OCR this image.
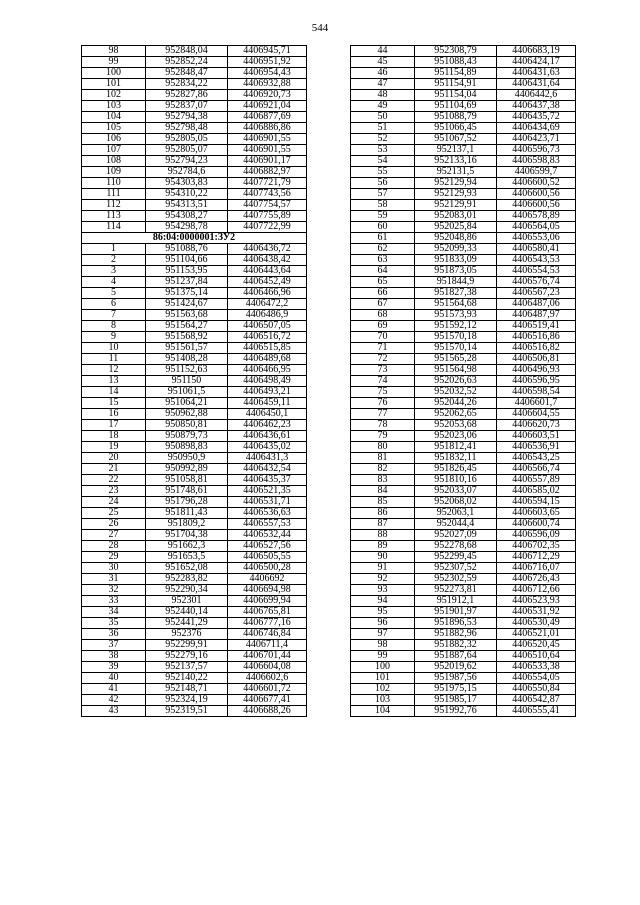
544
98	952848,04	4406945,71
99	952852,24	4406951,92
100	952848,47	4406954,43
101	952834,22	4406932,88
102	952827,86	4406920,73
103	952837,07	4406921,04
104	952794,38	4406877,69
105	952798,48	4406886,86
106	952805,05	4406901,55
107	952805,07	4406901,55
108	952794,23	4406901,17
109	952784,6	4406882,97
110	954303,83	4407721,79
111	954310,22	4407743,56
112	954313,51	4407754,57
113	954308,27	4407755,89
114	954298,78	4407722,99
86:04:0000001:ЗУ2		
1	951088,76	4406436,72
2	951104,66	4406438,42
3	951153,95	4406443,64
4	951237,84	4406452,49
5	951375,14	4406466,96
6	951424,67	4406472,2
7	951563,68	4406486,9
8	951564,27	4406507,05
9	951568,92	4406516,72
10	951561,57	4406515,85
11	951408,28	4406489,68
12	951152,63	4406466,95
13	951150	4406498,49
14	951061,5	4406493,21
15	951064,21	4406459,11
16	950962,88	4406450,1
17	950850,81	4406462,23
18	950879,73	4406436,61
19	950898,83	4406435,02
20	950950,9	4406431,3
21	950992,89	4406432,54
22	951058,81	4406435,37
23	951748,61	4406521,35
24	951796,28	4406531,71
25	951811,43	4406536,63
26	951809,2	4406557,53
27	951704,38	4406532,44
28	951662,3	4406527,56
29	951653,5	4406505,55
30	951652,08	4406500,28
31	952283,82	4406692
32	952290,34	4406694,98
33	952301	4406699,94
34	952440,14	4406765,81
35	952441,29	4406777,16
36	952376	4406746,84
37	952299,91	4406711,4
38	952279,16	4406701,44
39	952137,57	4406604,08
40	952140,22	4406602,6
41	952148,71	4406601,72
42	952324,19	4406677,41
43	952319,51	4406688,26
44	952308,79	4406683,19
45	951088,43	4406424,17
46	951154,89	4406431,63
47	951154,91	4406431,64
48	951154,04	4406442,6
49	951104,69	4406437,38
50	951088,79	4406435,72
51	951066,45	4406434,69
52	951067,52	4406423,71
53	952137,1	4406596,73
54	952133,16	4406598,83
55	952131,5	4406599,7
56	952129,94	4406600,52
57	952129,93	4406600,56
58	952129,91	4406600,56
59	952083,01	4406578,89
60	952025,84	4406564,05
61	952048,86	4406553,06
62	952099,33	4406580,41
63	951833,09	4406543,53
64	951873,05	4406554,53
65	951844,9	4406576,74
66	951827,38	4406567,23
67	951564,68	4406487,06
68	951573,93	4406487,97
69	951592,12	4406519,41
70	951570,18	4406516,86
71	951570,14	4406516,82
72	951565,28	4406506,81
73	951564,98	4406496,93
74	952026,63	4406596,95
75	952032,52	4406598,54
76	952044,26	4406601,7
77	952062,65	4406604,55
78	952053,68	4406620,73
79	952023,06	4406603,51
80	951812,41	4406536,91
81	951832,11	4406543,25
82	951826,45	4406566,74
83	951810,16	4406557,89
84	952033,07	4406585,02
85	952068,02	4406594,15
86	952063,1	4406603,65
87	952044,4	4406600,74
88	952027,09	4406596,09
89	952278,68	4406702,35
90	952299,45	4406712,29
91	952307,52	4406716,07
92	952302,59	4406726,43
93	952273,81	4406712,66
94	951912,1	4406523,93
95	951901,97	4406531,92
96	951896,53	4406530,49
97	951882,96	4406521,01
98	951882,32	4406520,45
99	951887,64	4406510,64
100	952019,62	4406533,38
101	951987,56	4406554,05
102	951975,15	4406550,84
103	951985,17	4406542,87
104	951992,76	4406555,41
